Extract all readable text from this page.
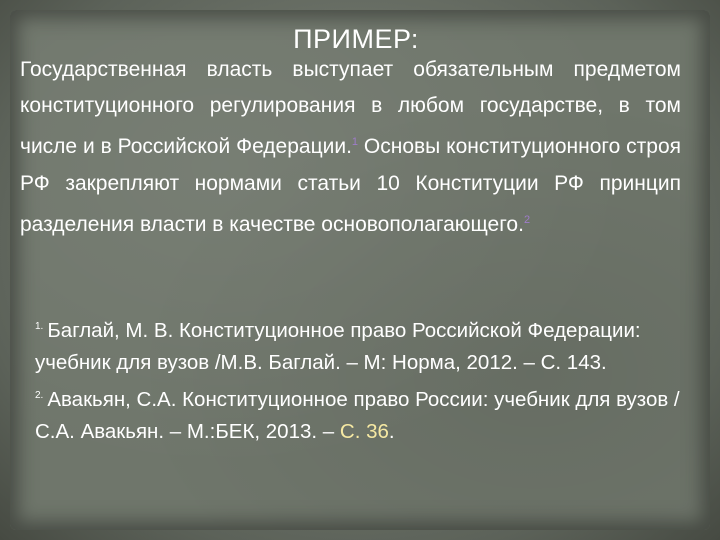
ПРИМЕР:
Государственная власть выступает обязательным предметом конституционного регулирования в любом государстве, в том числе и в Российской Федерации.$^1$ Основы конституционного строя РФ закрепляют нормами статьи 10 Конституции РФ принцип разделения власти в качестве основополагающего.$^2$

$^{1.}$ Баглай, М. В. Конституционное право Российской Федерации: учебник для вузов /М.В. Баглай. – М: Норма, 2012. – С. 143.

$^{2.}$ Авакьян, С.А. Конституционное право России: учебник для вузов /С.А. Авакьян. – М.:БЕК, 2013. – С. 36.
